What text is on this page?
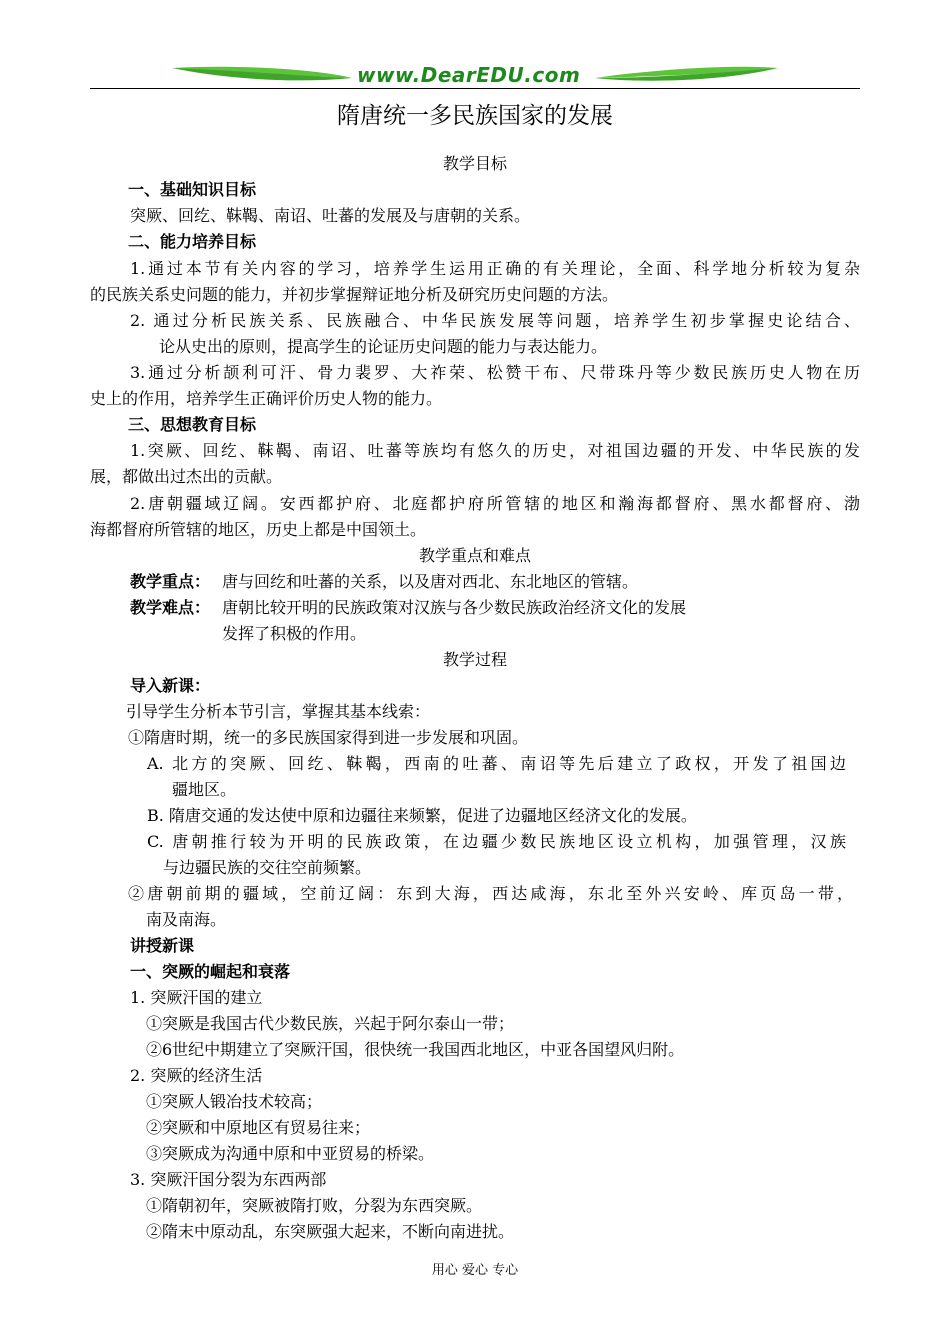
www.DearEDU.com
隋唐统一多民族国家的发展
教学目标
一、基础知识目标
突厥、回纥、靺鞨、南诏、吐蕃的发展及与唐朝的关系。
二、能力培养目标
1.通过本节有关内容的学习，培养学生运用正确的有关理论，全面、科学地分析较为复杂
的民族关系史问题的能力，并初步掌握辩证地分析及研究历史问题的方法。
2. 通过分析民族关系、民族融合、中华民族发展等问题，培养学生初步掌握史论结合、
论从史出的原则，提高学生的论证历史问题的能力与表达能力。
3.通过分析颉利可汗、骨力裴罗、大祚荣、松赞干布、尺带珠丹等少数民族历史人物在历
史上的作用，培养学生正确评价历史人物的能力。
三、思想教育目标
1.突厥、回纥、靺鞨、南诏、吐蕃等族均有悠久的历史，对祖国边疆的开发、中华民族的发
展，都做出过杰出的贡献。
2.唐朝疆域辽阔。安西都护府、北庭都护府所管辖的地区和瀚海都督府、黑水都督府、渤
海都督府所管辖的地区，历史上都是中国领土。
教学重点和难点
教学重点： 唐与回纥和吐蕃的关系，以及唐对西北、东北地区的管辖。
教学难点： 唐朝比较开明的民族政策对汉族与各少数民族政治经济文化的发展
发挥了积极的作用。
教学过程
导入新课：
引导学生分析本节引言，掌握其基本线索：
①隋唐时期，统一的多民族国家得到进一步发展和巩固。
A. 北方的突厥、回纥、靺鞨，西南的吐蕃、南诏等先后建立了政权，开发了祖国边
疆地区。
B. 隋唐交通的发达使中原和边疆往来频繁，促进了边疆地区经济文化的发展。
C. 唐朝推行较为开明的民族政策，在边疆少数民族地区设立机构，加强管理，汉族
与边疆民族的交往空前频繁。
②唐朝前期的疆域，空前辽阔：东到大海，西达咸海，东北至外兴安岭、库页岛一带，
南及南海。
讲授新课
一、突厥的崛起和衰落
1. 突厥汗国的建立
①突厥是我国古代少数民族，兴起于阿尔泰山一带；
②6世纪中期建立了突厥汗国，很快统一我国西北地区，中亚各国望风归附。
2. 突厥的经济生活
①突厥人锻冶技术较高；
②突厥和中原地区有贸易往来；
③突厥成为沟通中原和中亚贸易的桥梁。
3. 突厥汗国分裂为东西两部
①隋朝初年，突厥被隋打败，分裂为东西突厥。
②隋末中原动乱，东突厥强大起来，不断向南进扰。
用心 爱心 专心
